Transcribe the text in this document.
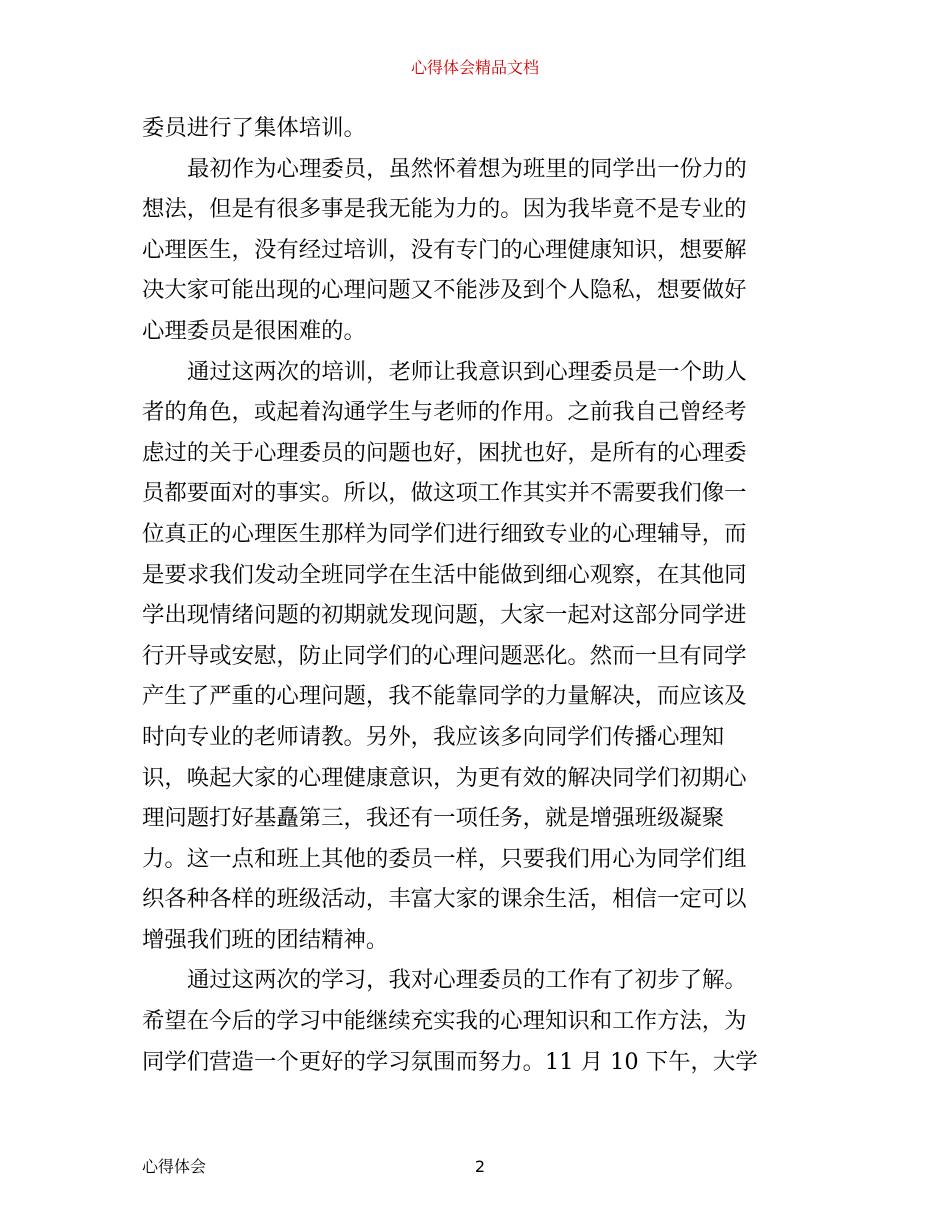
心得体会精品文档
委员进行了集体培训。
最初作为心理委员，虽然怀着想为班里的同学出一份力的
想法，但是有很多事是我无能为力的。因为我毕竟不是专业的
心理医生，没有经过培训，没有专门的心理健康知识，想要解
决大家可能出现的心理问题又不能涉及到个人隐私，想要做好
心理委员是很困难的。
通过这两次的培训，老师让我意识到心理委员是一个助人
者的角色，或起着沟通学生与老师的作用。之前我自己曾经考
虑过的关于心理委员的问题也好，困扰也好，是所有的心理委
员都要面对的事实。所以，做这项工作其实并不需要我们像一
位真正的心理医生那样为同学们进行细致专业的心理辅导，而
是要求我们发动全班同学在生活中能做到细心观察，在其他同
学出现情绪问题的初期就发现问题，大家一起对这部分同学进
行开导或安慰，防止同学们的心理问题恶化。然而一旦有同学
产生了严重的心理问题，我不能靠同学的力量解决，而应该及
时向专业的老师请教。另外，我应该多向同学们传播心理知
识，唤起大家的心理健康意识，为更有效的解决同学们初期心
理问题打好基矗第三，我还有一项任务，就是增强班级凝聚
力。这一点和班上其他的委员一样，只要我们用心为同学们组
织各种各样的班级活动，丰富大家的课余生活，相信一定可以
增强我们班的团结精神。
通过这两次的学习，我对心理委员的工作有了初步了解。
希望在今后的学习中能继续充实我的心理知识和工作方法，为
同学们营造一个更好的学习氛围而努力。11 月 10 下午，大学
心得体会	2
